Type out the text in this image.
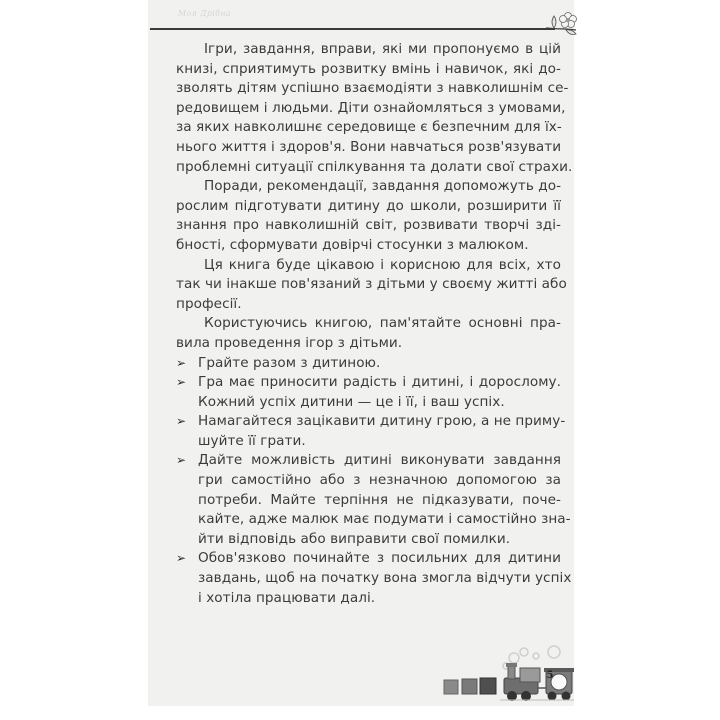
Моя Дрiбна
Ігри, завдання, вправи, які ми пропонуємо в цій
книзі, сприятимуть розвитку вмінь і навичок, які до-
зволять дітям успішно взаємодіяти з навколишнім се-
редовищем і людьми. Діти ознайомляться з умовами,
за яких навколишнє середовище є безпечним для їх-
нього життя і здоров'я. Вони навчаться розв'язувати
проблемні ситуації спілкування та долати свої страхи.
Поради, рекомендації, завдання допоможуть до-
рослим підготувати дитину до школи, розширити її
знання про навколишній світ, розвивати творчі зді-
бності, сформувати довірчі стосунки з малюком.
Ця книга буде цікавою і корисною для всіх, хто
так чи інакше пов'язаний з дітьми у своєму житті або
професії.
Користуючись книгою, пам'ятайте основні пра-
вила проведення ігор з дітьми.
➢ Грайте разом з дитиною.
➢ Гра має приносити радість і дитині, і дорослому.
Кожний успіх дитини — це і її, і ваш успіх.
➢ Намагайтеся зацікавити дитину грою, а не приму-
шуйте її грати.
➢ Дайте можливість дитині виконувати завдання
гри самостійно або з незначною допомогою за
потреби. Майте терпіння не підказувати, поче-
кайте, адже малюк має подумати і самостійно зна-
йти відповідь або виправити свої помилки.
➢ Обов'язково починайте з посильних для дитини
завдань, щоб на початку вона змогла відчути успіх
і хотіла працювати далі.
5
